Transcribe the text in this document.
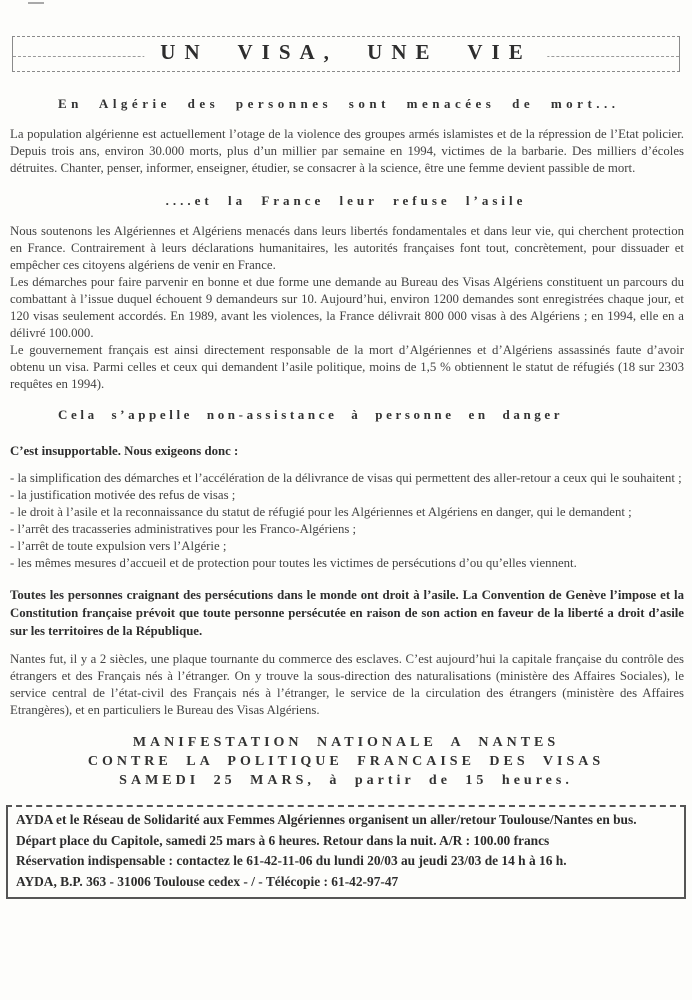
UN VISA, UNE VIE
En Algérie des personnes sont menacées de mort...

La population algérienne est actuellement l’otage de la violence des groupes armés islamistes et de la répression de l’Etat policier. Depuis trois ans, environ 30.000 morts, plus d’un millier par semaine en 1994, victimes de la barbarie. Des milliers d’écoles détruites. Chanter, penser, informer, enseigner, étudier, se consacrer à la science, être une femme devient passible de mort.

....et la France leur refuse l’asile

Nous soutenons les Algériennes et Algériens menacés dans leurs libertés fondamentales et dans leur vie, qui cherchent protection en France. Contrairement à leurs déclarations humanitaires, les autorités françaises font tout, concrètement, pour dissuader et empêcher ces citoyens algériens de venir en France.

Les démarches pour faire parvenir en bonne et due forme une demande au Bureau des Visas Algériens constituent un parcours du combattant à l’issue duquel échouent 9 demandeurs sur 10. Aujourd’hui, environ 1200 demandes sont enregistrées chaque jour, et 120 visas seulement accordés. En 1989, avant les violences, la France délivrait 800 000 visas à des Algériens ; en 1994, elle en a délivré 100.000.

Le gouvernement français est ainsi directement responsable de la mort d’Algériennes et d’Algériens assassinés faute d’avoir obtenu un visa. Parmi celles et ceux qui demandent l’asile politique, moins de 1,5 % obtiennent le statut de réfugiés (18 sur 2303 requêtes en 1994).

Cela s’appelle non-assistance à personne en danger

C’est insupportable. Nous exigeons donc :

- la simplification des démarches et l’accélération de la délivrance de visas qui permettent des aller-retour a ceux qui le souhaitent ;

- la justification motivée des refus de visas ;

- le droit à l’asile et la reconnaissance du statut de réfugié pour les Algériennes et Algériens en danger, qui le demandent ;

- l’arrêt des tracasseries administratives pour les Franco-Algériens ;

- l’arrêt de toute expulsion vers l’Algérie ;

- les mêmes mesures d’accueil et de protection pour toutes les victimes de persécutions d’ou qu’elles viennent.

Toutes les personnes craignant des persécutions dans le monde ont droit à l’asile. La Convention de Genève l’impose et la Constitution française prévoit que toute personne persécutée en raison de son action en faveur de la liberté a droit d’asile sur les territoires de la République.

Nantes fut, il y a 2 siècles, une plaque tournante du commerce des esclaves. C’est aujourd’hui la capitale française du contrôle des étrangers et des Français nés à l’étranger. On y trouve la sous-direction des naturalisations (ministère des Affaires Sociales), le service central de l’état-civil des Français nés à l’étranger, le service de la circulation des étrangers (ministère des Affaires Etrangères), et en particuliers le Bureau des Visas Algériens.

MANIFESTATION NATIONALE A NANTES
CONTRE LA POLITIQUE FRANCAISE DES VISAS
SAMEDI 25 MARS, à partir de 15 heures.

AYDA et le Réseau de Solidarité aux Femmes Algériennes organisent un aller/retour Toulouse/Nantes en bus.

Départ place du Capitole, samedi 25 mars à 6 heures. Retour dans la nuit. A/R : 100.00 francs

Réservation indispensable : contactez le 61-42-11-06 du lundi 20/03 au jeudi 23/03 de 14 h à 16 h.

AYDA, B.P. 363 - 31006 Toulouse cedex - / - Télécopie : 61-42-97-47
